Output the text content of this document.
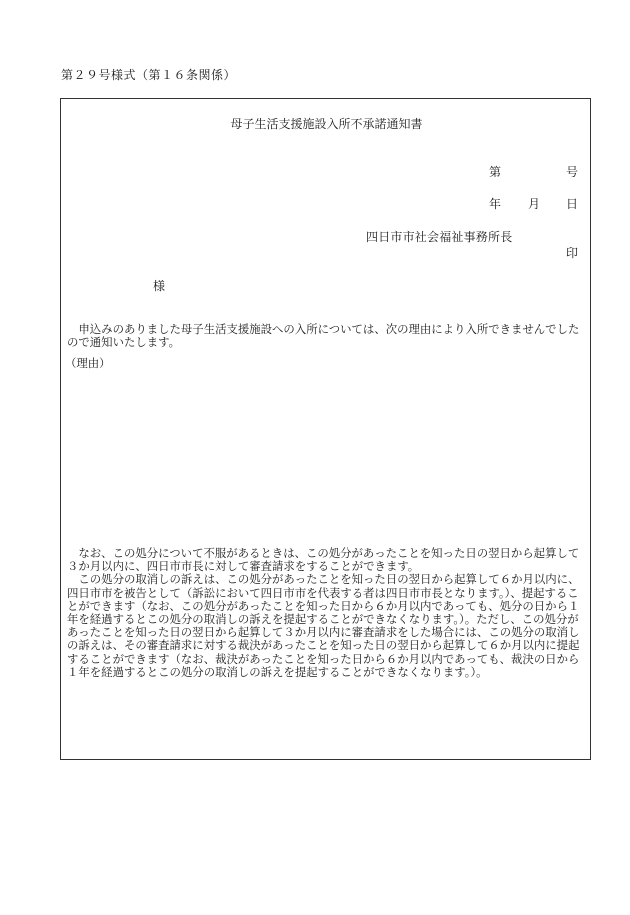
第２９号様式（第１６条関係）
母子生活支援施設入所不承諾通知書
第	号
年 月 日
四日市市社会福祉事務所長
印
様

申込みのありました母子生活支援施設への入所については、次の理由により入所できませんでしたので通知いたします。

（理由）

なお、この処分について不服があるときは、この処分があったことを知った日の翌日から起算して３か月以内に、四日市市長に対して審査請求をすることができます。

この処分の取消しの訴えは、この処分があったことを知った日の翌日から起算して６か月以内に、四日市市を被告として（訴訟において四日市市を代表する者は四日市市長となります。）、提起することができます（なお、この処分があったことを知った日から６か月以内であっても、処分の日から１年を経過するとこの処分の取消しの訴えを提起することができなくなります。）。ただし、この処分があったことを知った日の翌日から起算して３か月以内に審査請求をした場合には、この処分の取消しの訴えは、その審査請求に対する裁決があったことを知った日の翌日から起算して６か月以内に提起することができます（なお、裁決があったことを知った日から６か月以内であっても、裁決の日から１年を経過するとこの処分の取消しの訴えを提起することができなくなります。）。
